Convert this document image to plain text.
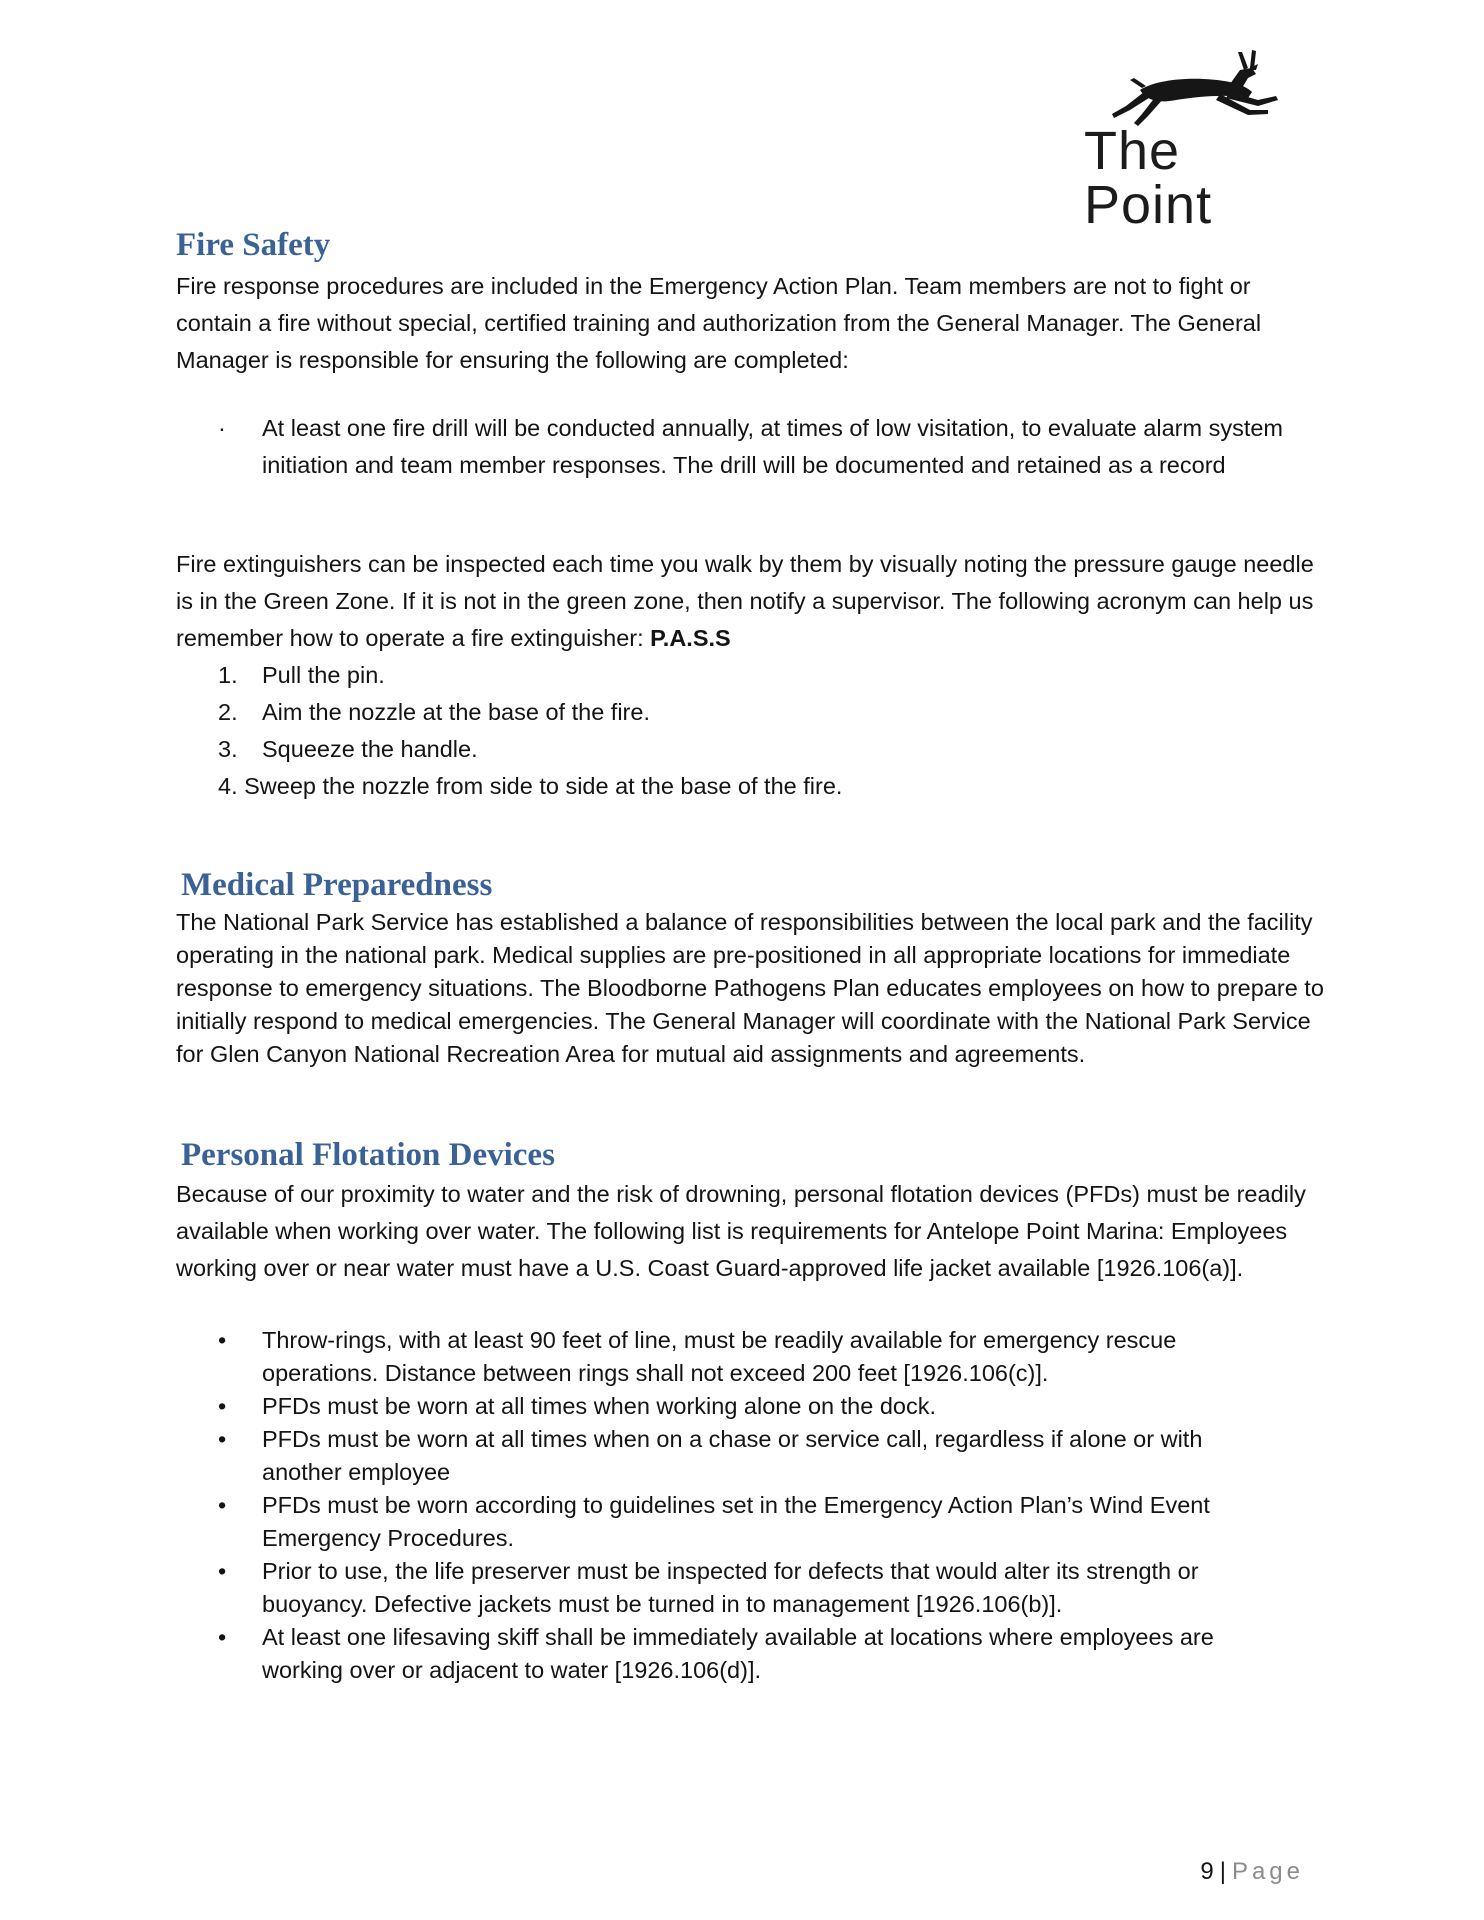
The Point
Fire Safety

Fire response procedures are included in the Emergency Action Plan. Team members are not to fight or contain a fire without special, certified training and authorization from the General Manager. The General Manager is responsible for ensuring the following are completed:

· At least one fire drill will be conducted annually, at times of low visitation, to evaluate alarm system initiation and team member responses. The drill will be documented and retained as a record

Fire extinguishers can be inspected each time you walk by them by visually noting the pressure gauge needle is in the Green Zone. If it is not in the green zone, then notify a supervisor. The following acronym can help us remember how to operate a fire extinguisher: P.A.S.S

1. Pull the pin.
2. Aim the nozzle at the base of the fire.
3. Squeeze the handle.

4. Sweep the nozzle from side to side at the base of the fire.

Medical Preparedness

The National Park Service has established a balance of responsibilities between the local park and the facility operating in the national park. Medical supplies are pre-positioned in all appropriate locations for immediate response to emergency situations. The Bloodborne Pathogens Plan educates employees on how to prepare to initially respond to medical emergencies. The General Manager will coordinate with the National Park Service for Glen Canyon National Recreation Area for mutual aid assignments and agreements.

Personal Flotation Devices

Because of our proximity to water and the risk of drowning, personal flotation devices (PFDs) must be readily available when working over water. The following list is requirements for Antelope Point Marina: Employees working over or near water must have a U.S. Coast Guard-approved life jacket available [1926.106(a)].

• Throw-rings, with at least 90 feet of line, must be readily available for emergency rescue operations. Distance between rings shall not exceed 200 feet [1926.106(c)].
• PFDs must be worn at all times when working alone on the dock.
• PFDs must be worn at all times when on a chase or service call, regardless if alone or with another employee
• PFDs must be worn according to guidelines set in the Emergency Action Plan’s Wind Event Emergency Procedures.
• Prior to use, the life preserver must be inspected for defects that would alter its strength or buoyancy. Defective jackets must be turned in to management [1926.106(b)].
• At least one lifesaving skiff shall be immediately available at locations where employees are working over or adjacent to water [1926.106(d)].
9 | Page
